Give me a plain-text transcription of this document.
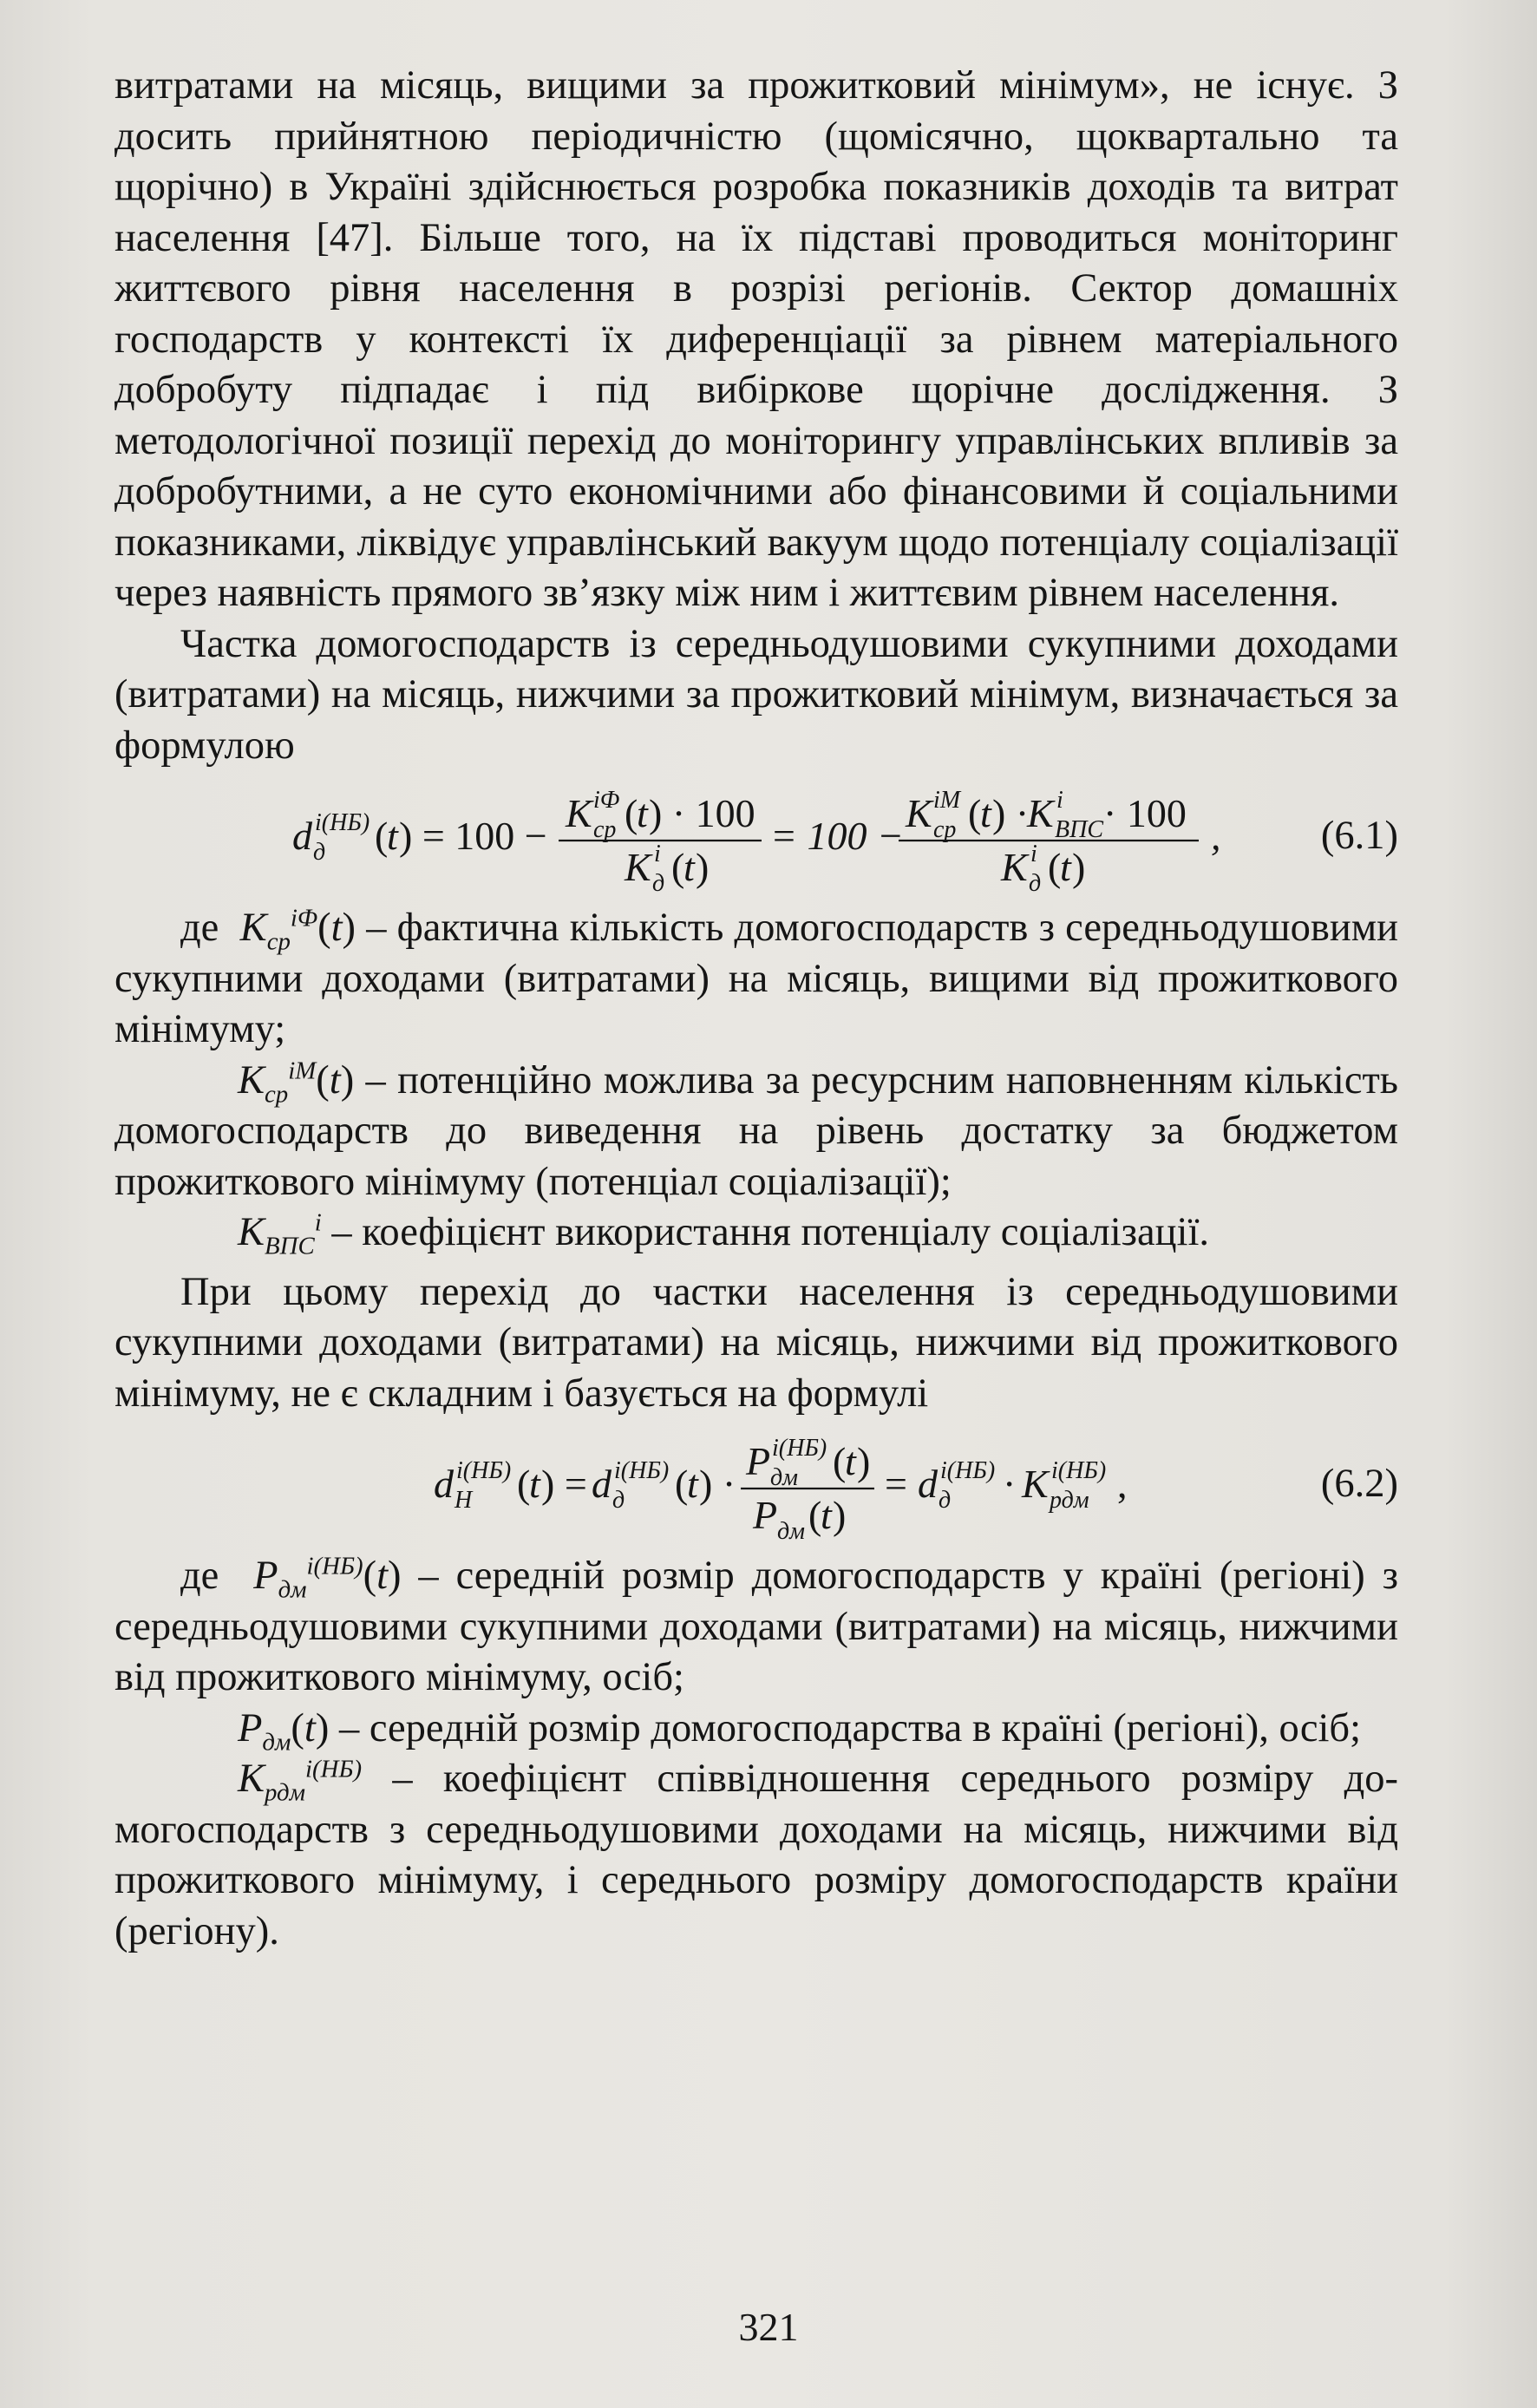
витратами на місяць, вищими за прожитковий мінімум», не існує. З досить прийнятною періодичністю (щомісячно, щоквартально та щорічно) в Україні здійснюється розробка показників доходів та витрат населення [47]. Більше того, на їх підставі проводиться моніторинг життєвого рівня населення в розрізі регіонів. Сектор домашніх господарств у контексті їх диференціації за рівнем матеріального добробуту підпадає і під вибіркове щорічне дослідження. З методологічної позиції перехід до моніторингу управлінських впливів за добробутними, а не суто економічними або фінансовими й соціальними показниками, ліквідує управлінський вакуум щодо потенціалу соціалізації через наявність прямого зв’язку між ним і життєвим рівнем населення.

Частка домогосподарств із середньодушовими сукупними доходами (витратами) на місяць, нижчими за прожитковий мінімум, визначається за формулою

d д
i(НБ) (
t ) = 100 −
K ср
iФ (
t ) · 100
K д
i (
t )
= 100 −
K ср
iM (
t ) ·
K ВПС
i · 100
K д
i (
t )
, (6.1)

де  $K_{ср}^{iФ}(t)$ – фактична кількість домогосподарств з середньодушовими сукупними доходами (витратами) на місяць, вищими від прожиткового мінімуму;

$K_{ср}^{iM}(t)$ – потенційно можлива за ресурсним наповненням кількість домогосподарств до виведення на рівень достатку за бюджетом прожиткового мінімуму (потенціал соціалізації);

$K_{ВПС}^i$ – коефіцієнт використання потенціалу соціалізації.

При цьому перехід до частки населення із середньодушовими сукупними доходами (витратами) на місяць, нижчими від прожиткового мінімуму, не є складним і базується на формулі

d Н
i(НБ) (
t ) = d д
i(НБ) (
t ) ·
P дм
i(НБ) (
t )
P дм (
t )
= d д
i(НБ) · K рдм
i(НБ) ,	(6.2)

де  $P_{дм}^{i(НБ)}(t)$ – середній розмір домогосподарств у країні (регіоні) з середньодушовими сукупними доходами (витратами) на місяць, нижчими від прожиткового мінімуму, осіб;

$P_{дм}(t)$ – середній розмір домогосподарства в країні (регіоні), осіб;

$K_{рдм}^{i(НБ)}$ – коефіцієнт співвідношення середнього розміру домогосподарств з середньодушовими доходами на місяць, нижчими від прожиткового мінімуму, і середнього розміру домогосподарств країни (регіону).

321
